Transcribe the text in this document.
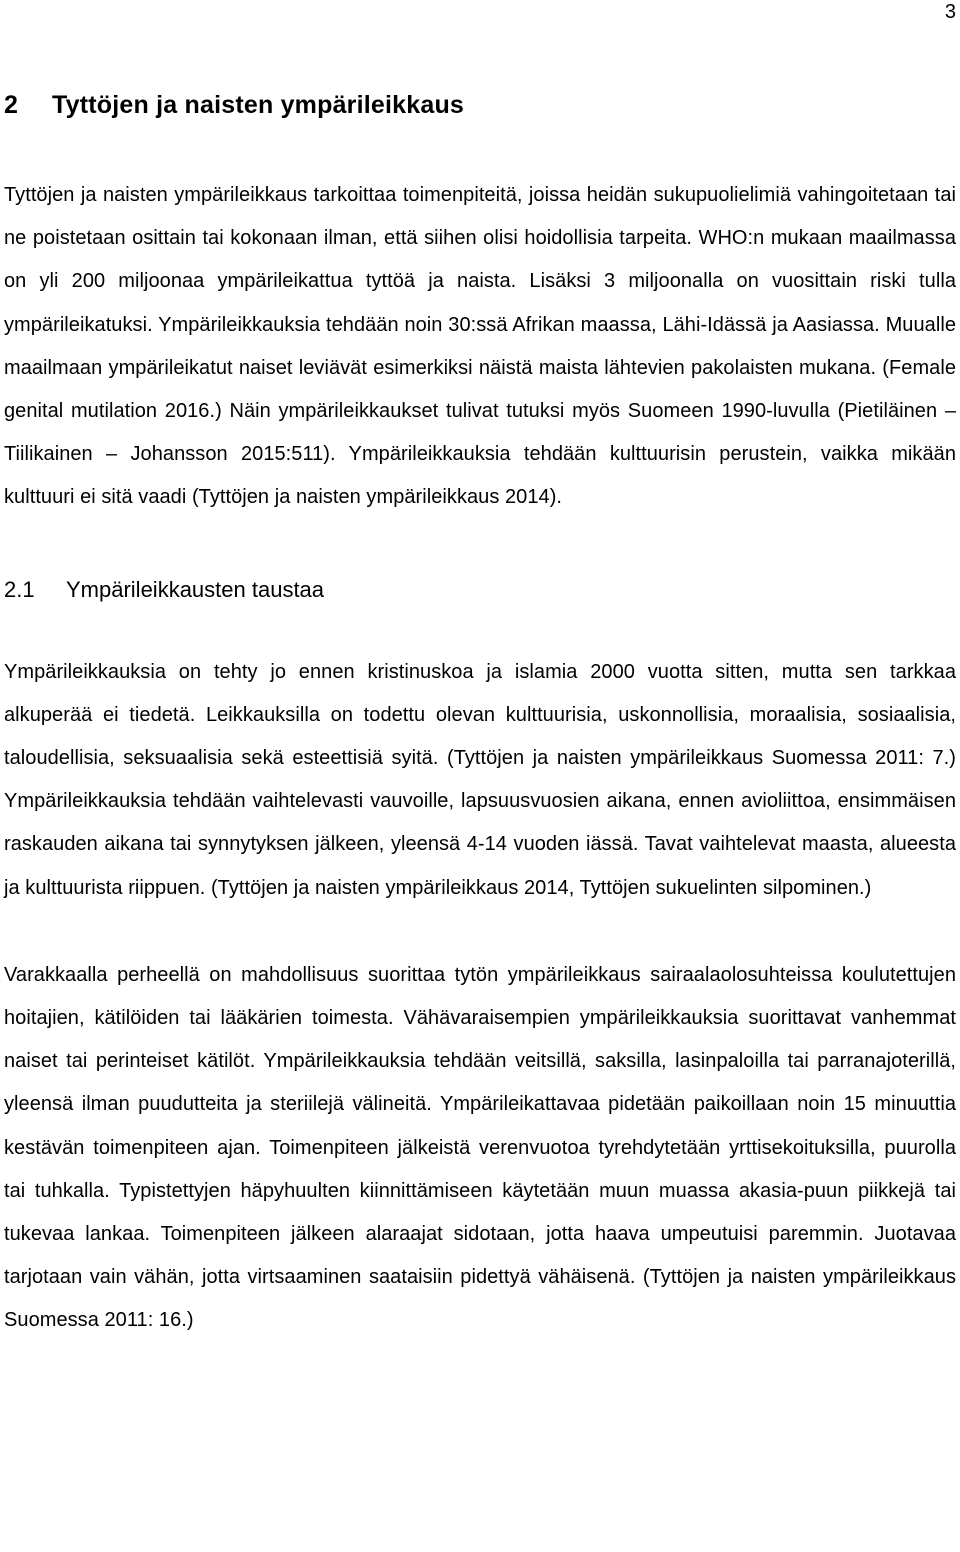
3
2 Tyttöjen ja naisten ympärileikkaus

Tyttöjen ja naisten ympärileikkaus tarkoittaa toimenpiteitä, joissa heidän sukupuolielimiä vahingoitetaan tai ne poistetaan osittain tai kokonaan ilman, että siihen olisi hoidollisia tarpeita. WHO:n mukaan maailmassa on yli 200 miljoonaa ympärileikattua tyttöä ja naista. Lisäksi 3 miljoonalla on vuosittain riski tulla ympärileikatuksi. Ympärileikkauksia tehdään noin 30:ssä Afrikan maassa, Lähi-Idässä ja Aasiassa. Muualle maailmaan ympärileikatut naiset leviävät esimerkiksi näistä maista lähtevien pakolaisten mukana. (Female genital mutilation 2016.) Näin ympärileikkaukset tulivat tutuksi myös Suomeen 1990-luvulla (Pietiläinen – Tiilikainen – Johansson 2015:511). Ympärileikkauksia tehdään kulttuurisin perustein, vaikka mikään kulttuuri ei sitä vaadi (Tyttöjen ja naisten ympärileikkaus 2014).

2.1 Ympärileikkausten taustaa

Ympärileikkauksia on tehty jo ennen kristinuskoa ja islamia 2000 vuotta sitten, mutta sen tarkkaa alkuperää ei tiedetä. Leikkauksilla on todettu olevan kulttuurisia, uskonnollisia, moraalisia, sosiaalisia, taloudellisia, seksuaalisia sekä esteettisiä syitä. (Tyttöjen ja naisten ympärileikkaus Suomessa 2011: 7.) Ympärileikkauksia tehdään vaihtelevasti vauvoille, lapsuusvuosien aikana, ennen avioliittoa, ensimmäisen raskauden aikana tai synnytyksen jälkeen, yleensä 4-14 vuoden iässä. Tavat vaihtelevat maasta, alueesta ja kulttuurista riippuen. (Tyttöjen ja naisten ympärileikkaus 2014, Tyttöjen sukuelinten silpominen.)

Varakkaalla perheellä on mahdollisuus suorittaa tytön ympärileikkaus sairaalaolosuhteissa koulutettujen hoitajien, kätilöiden tai lääkärien toimesta. Vähävaraisempien ympärileikkauksia suorittavat vanhemmat naiset tai perinteiset kätilöt. Ympärileikkauksia tehdään veitsillä, saksilla, lasinpaloilla tai parranajoterillä, yleensä ilman puudutteita ja steriilejä välineitä. Ympärileikattavaa pidetään paikoillaan noin 15 minuuttia kestävän toimenpiteen ajan. Toimenpiteen jälkeistä verenvuotoa tyrehdytetään yrttisekoituksilla, puurolla tai tuhkalla. Typistettyjen häpyhuulten kiinnittämiseen käytetään muun muassa akasia-puun piikkejä tai tukevaa lankaa. Toimenpiteen jälkeen alaraajat sidotaan, jotta haava umpeutuisi paremmin. Juotavaa tarjotaan vain vähän, jotta virtsaaminen saataisiin pidettyä vähäisenä. (Tyttöjen ja naisten ympärileikkaus Suomessa 2011: 16.)
